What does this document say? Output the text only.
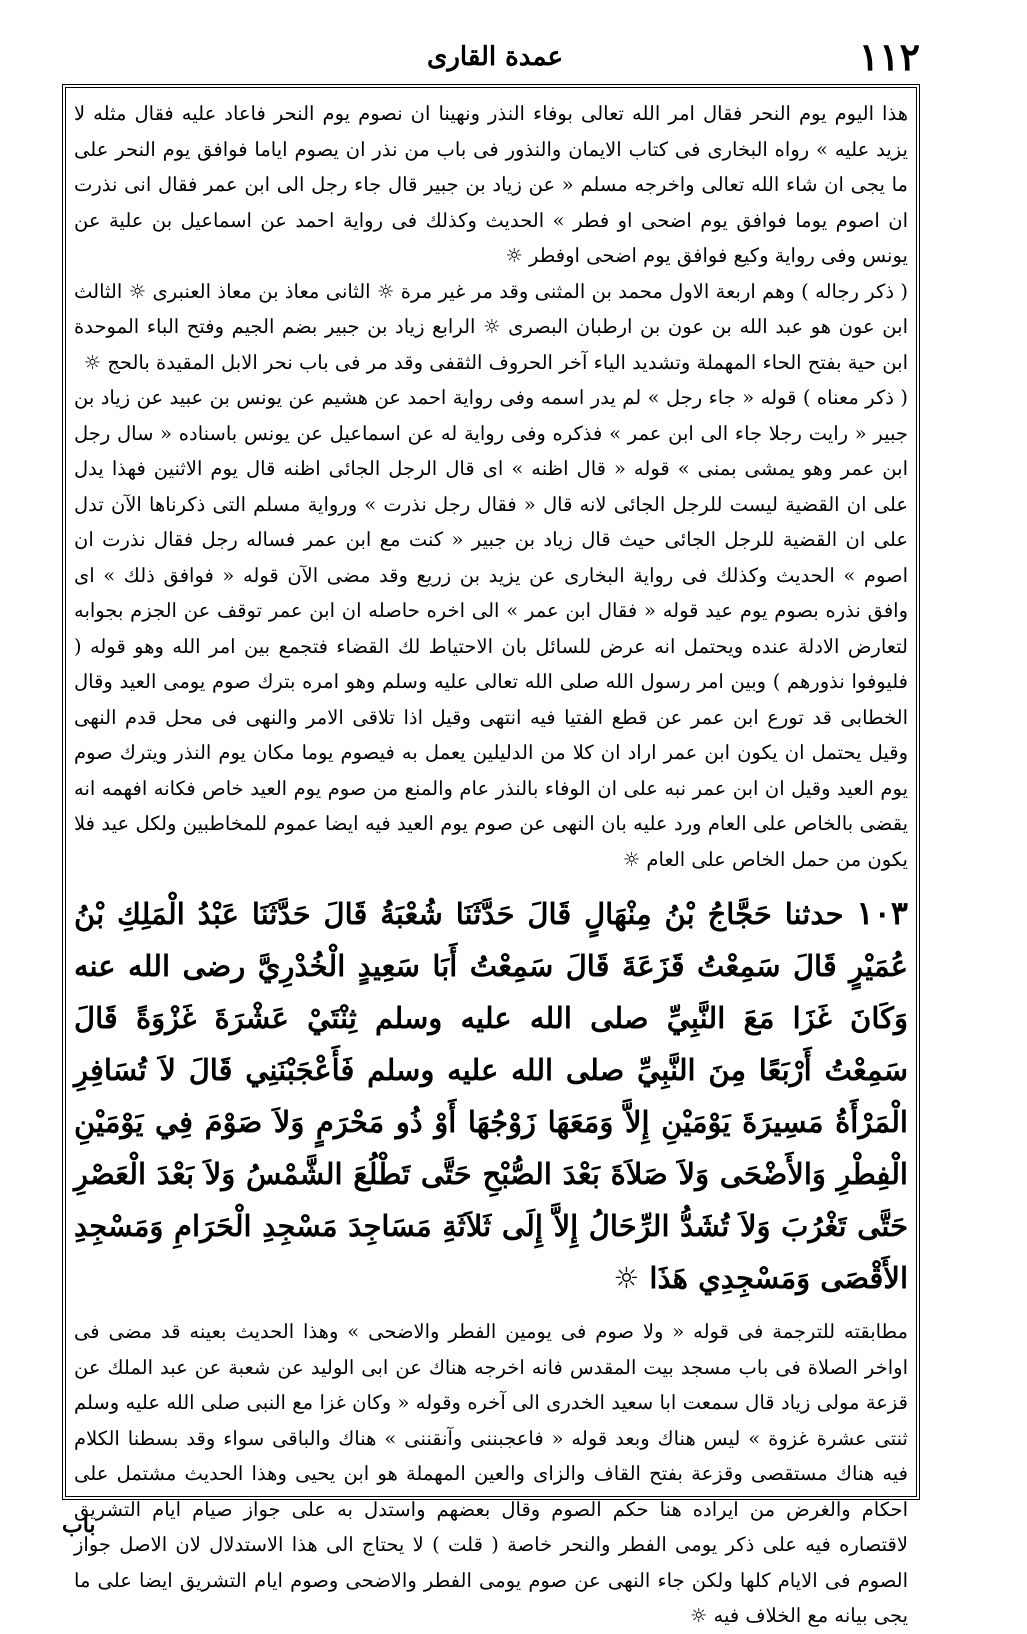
١١٢
عمدة القارى

هذا اليوم يوم النحر فقال امر الله تعالى بوفاء النذر ونهينا ان نصوم يوم النحر فاعاد عليه فقال مثله لا يزيد عليه » رواه البخارى فى كتاب الايمان والنذور فى باب من نذر ان يصوم اياما فوافق يوم النحر على ما يجى ان شاء الله تعالى واخرجه مسلم « عن زياد بن جبير قال جاء رجل الى ابن عمر فقال انى نذرت ان اصوم يوما فوافق يوم اضحى او فطر » الحديث وكذلك فى رواية احمد عن اسماعيل بن علية عن يونس وفى رواية وكيع فوافق يوم اضحى اوفطر ☼

( ذكر رجاله ) وهم اربعة الاول محمد بن المثنى وقد مر غير مرة ☼ الثانى معاذ بن معاذ العنبرى ☼ الثالث ابن عون هو عبد الله بن عون بن ارطبان البصرى ☼ الرابع زياد بن جبير بضم الجيم وفتح الباء الموحدة ابن حية بفتح الحاء المهملة وتشديد الياء آخر الحروف الثقفى وقد مر فى باب نحر الابل المقيدة بالحج ☼

( ذكر معناه ) قوله « جاء رجل » لم يدر اسمه وفى رواية احمد عن هشيم عن يونس بن عبيد عن زياد بن جبير « رايت رجلا جاء الى ابن عمر » فذكره وفى رواية له عن اسماعيل عن يونس باسناده « سال رجل ابن عمر وهو يمشى بمنى » قوله « قال اظنه » اى قال الرجل الجائى اظنه قال يوم الاثنين فهذا يدل على ان القضية ليست للرجل الجائى لانه قال « فقال رجل نذرت » ورواية مسلم التى ذكرناها الآن تدل على ان القضية للرجل الجائى حيث قال زياد بن جبير « كنت مع ابن عمر فساله رجل فقال نذرت ان اصوم » الحديث وكذلك فى رواية البخارى عن يزيد بن زريع وقد مضى الآن قوله « فوافق ذلك » اى وافق نذره بصوم يوم عيد قوله « فقال ابن عمر » الى اخره حاصله ان ابن عمر توقف عن الجزم بجوابه لتعارض الادلة عنده ويحتمل انه عرض للسائل بان الاحتياط لك القضاء فتجمع بين امر الله وهو قوله ( فليوفوا نذورهم ) وبين امر رسول الله صلى الله تعالى عليه وسلم وهو امره بترك صوم يومى العيد وقال الخطابى قد تورع ابن عمر عن قطع الفتيا فيه انتهى وقيل اذا تلاقى الامر والنهى فى محل قدم النهى وقيل يحتمل ان يكون ابن عمر اراد ان كلا من الدليلين يعمل به فيصوم يوما مكان يوم النذر ويترك صوم يوم العيد وقيل ان ابن عمر نبه على ان الوفاء بالنذر عام والمنع من صوم يوم العيد خاص فكانه افهمه انه يقضى بالخاص على العام ورد عليه بان النهى عن صوم يوم العيد فيه ايضا عموم للمخاطبين ولكل عيد فلا يكون من حمل الخاص على العام ☼

١٠٣ حدثنا حَجَّاجُ بْنُ مِنْهَالٍ قَالَ حَدَّثَنَا شُعْبَةُ قَالَ حَدَّثَنَا عَبْدُ الْمَلِكِ بْنُ عُمَيْرٍ قَالَ سَمِعْتُ قَزَعَةَ قَالَ سَمِعْتُ أَبَا سَعِيدٍ الْخُدْرِيَّ رضى الله عنه وَكَانَ غَزَا مَعَ النَّبِيِّ صلى الله عليه وسلم ثِنْتَيْ عَشْرَةَ غَزْوَةً قَالَ سَمِعْتُ أَرْبَعًا مِنَ النَّبِيِّ صلى الله عليه وسلم فَأَعْجَبْنَنِي قَالَ لاَ تُسَافِرِ الْمَرْأَةُ مَسِيرَةَ يَوْمَيْنِ إِلاَّ وَمَعَهَا زَوْجُهَا أَوْ ذُو مَحْرَمٍ وَلاَ صَوْمَ فِي يَوْمَيْنِ الْفِطْرِ وَالأَضْحَى وَلاَ صَلاَةَ بَعْدَ الصُّبْحِ حَتَّى تَطْلُعَ الشَّمْسُ وَلاَ بَعْدَ الْعَصْرِ حَتَّى تَغْرُبَ وَلاَ تُشَدُّ الرِّحَالُ إِلاَّ إِلَى ثَلاَثَةِ مَسَاجِدَ مَسْجِدِ الْحَرَامِ وَمَسْجِدِ الأَقْصَى وَمَسْجِدِي هَذَا ☼

مطابقته للترجمة فى قوله « ولا صوم فى يومين الفطر والاضحى » وهذا الحديث بعينه قد مضى فى اواخر الصلاة فى باب مسجد بيت المقدس فانه اخرجه هناك عن ابى الوليد عن شعبة عن عبد الملك عن قزعة مولى زياد قال سمعت ابا سعيد الخدرى الى آخره وقوله « وكان غزا مع النبى صلى الله عليه وسلم ثنتى عشرة غزوة » ليس هناك وبعد قوله « فاعجبننى وآنقننى » هناك والباقى سواء وقد بسطنا الكلام فيه هناك مستقصى وقزعة بفتح القاف والزاى والعين المهملة هو ابن يحيى وهذا الحديث مشتمل على احكام والغرض من ايراده هنا حكم الصوم وقال بعضهم واستدل به على جواز صيام ايام التشريق لاقتصاره فيه على ذكر يومى الفطر والنحر خاصة ( قلت ) لا يحتاج الى هذا الاستدلال لان الاصل جواز الصوم فى الايام كلها ولكن جاء النهى عن صوم يومى الفطر والاضحى وصوم ايام التشريق ايضا على ما يجى بيانه مع الخلاف فيه ☼

باب
